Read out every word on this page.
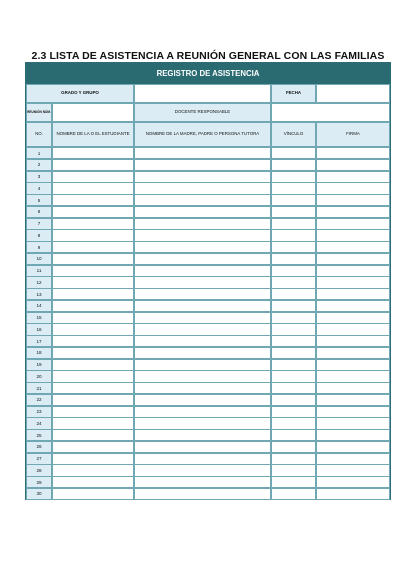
2.3 LISTA DE ASISTENCIA A REUNIÓN GENERAL CON LAS FAMILIAS
REGISTRO DE ASISTENCIA
GRADO Y GRUPO	FECHA
REUNIÓN NÚM.	DOCENTE RESPONSABLE
NO.	NOMBRE DE LA O EL ESTUDIANTE	NOMBRE DE LA MADRE, PADRE O PERSONA TUTORA	VÍNCULO	FIRMA
1
2
3
4
5
6
7
8
9
10
11
12
13
14
15
16
17
18
19
20
21
22
23
24
25
26
27
28
29
30
